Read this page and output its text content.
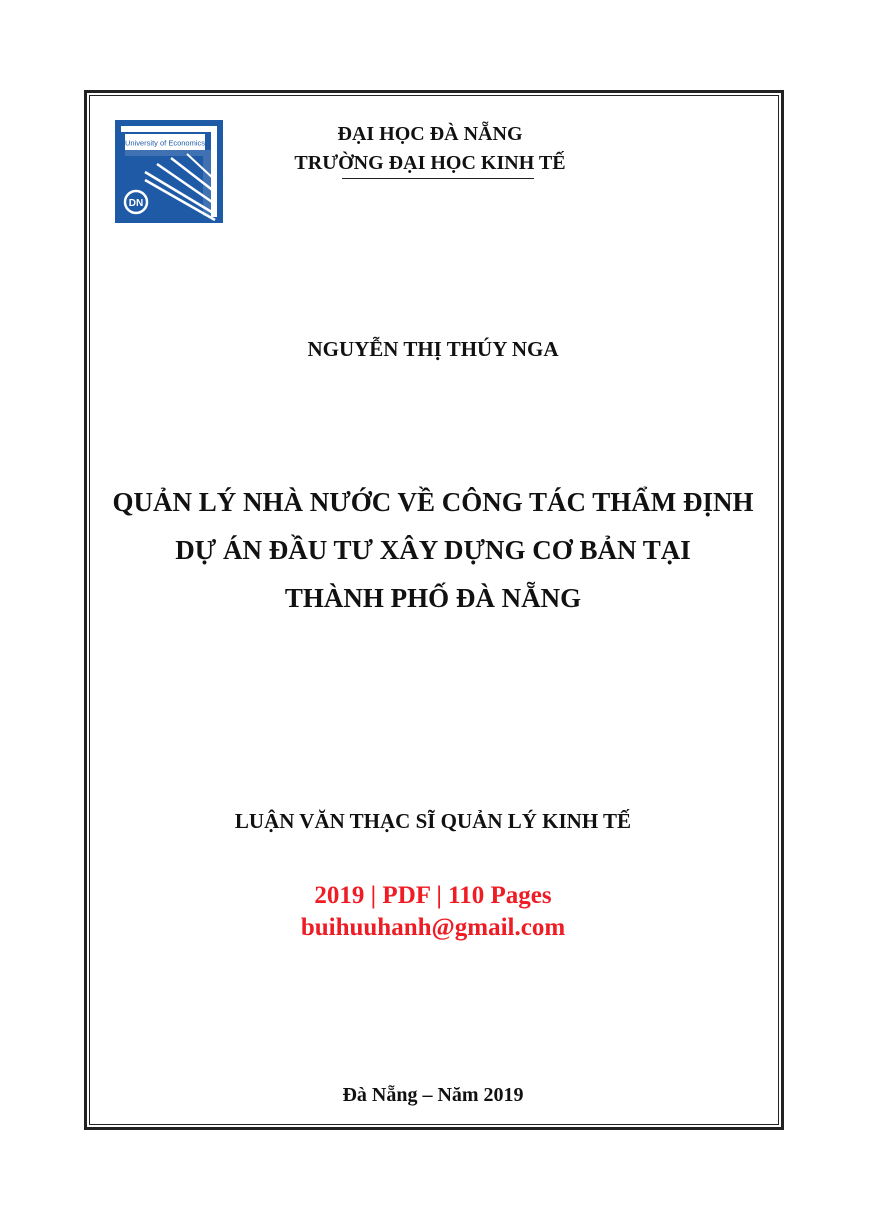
University of Economics
DN
ĐẠI HỌC ĐÀ NẴNG
TRƯỜNG ĐẠI HỌC KINH TẾ
NGUYỄN THỊ THÚY NGA
QUẢN LÝ NHÀ NƯỚC VỀ CÔNG TÁC THẨM ĐỊNH
DỰ ÁN ĐẦU TƯ XÂY DỰNG CƠ BẢN TẠI
THÀNH PHỐ ĐÀ NẴNG
LUẬN VĂN THẠC SĨ QUẢN LÝ KINH TẾ
2019 | PDF | 110 Pages
buihuuhanh@gmail.com
Đà Nẵng – Năm 2019
